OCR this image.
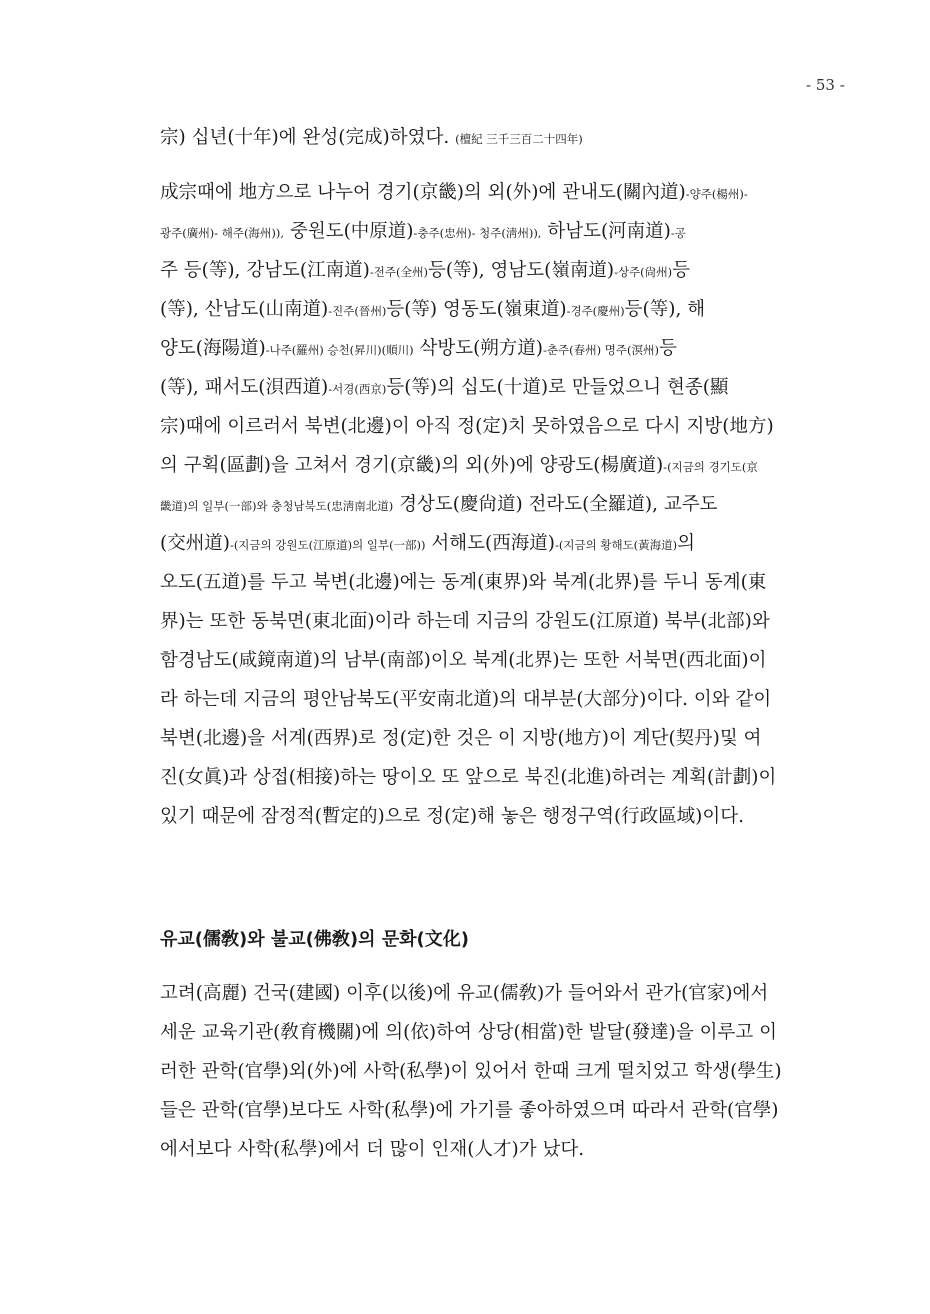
- 53 -
宗) 십년(十年)에 완성(完成)하였다. (檀紀 三千三百二十四年)
成宗때에 地方으로 나누어 경기(京畿)의 외(外)에 관내도(關內道)-양주(楊州)-
광주(廣州)- 해주(海州)), 중원도(中原道)-충주(忠州)- 청주(淸州)), 하남도(河南道)-공
주 등(等), 강남도(江南道)-전주(全州)등(等), 영남도(嶺南道)-상주(尙州)등
(等), 산남도(山南道)-진주(晉州)등(等) 영동도(嶺東道)-경주(慶州)등(等), 해
양도(海陽道)-나주(羅州) 승천(昇川)(順川) 삭방도(朔方道)-춘주(春州) 명주(溟州)등
(等), 패서도(浿西道)-서경(西京)등(等)의 십도(十道)로 만들었으니 현종(顯
宗)때에 이르러서 북변(北邊)이 아직 정(定)치 못하였음으로 다시 지방(地方)
의 구획(區劃)을 고쳐서 경기(京畿)의 외(外)에 양광도(楊廣道)-(지금의 경기도(京
畿道)의 일부(一部)와 충청남북도(忠淸南北道) 경상도(慶尙道) 전라도(全羅道), 교주도
(交州道)-(지금의 강원도(江原道)의 일부(一部)) 서해도(西海道)-(지금의 황해도(黃海道)의
오도(五道)를 두고 북변(北邊)에는 동계(東界)와 북계(北界)를 두니 동계(東
界)는 또한 동북면(東北面)이라 하는데 지금의 강원도(江原道) 북부(北部)와
함경남도(咸鏡南道)의 남부(南部)이오 북계(北界)는 또한 서북면(西北面)이
라 하는데 지금의 평안남북도(平安南北道)의 대부분(大部分)이다. 이와 같이
북변(北邊)을 서계(西界)로 정(定)한 것은 이 지방(地方)이 계단(契丹)및 여
진(女眞)과 상접(相接)하는 땅이오 또 앞으로 북진(北進)하려는 계획(計劃)이
있기 때문에 잠정적(暫定的)으로 정(定)해 놓은 행정구역(行政區域)이다.
유교(儒敎)와 불교(佛敎)의 문화(文化)
고려(高麗) 건국(建國) 이후(以後)에 유교(儒敎)가 들어와서 관가(官家)에서
세운 교육기관(敎育機關)에 의(依)하여 상당(相當)한 발달(發達)을 이루고 이
러한 관학(官學)외(外)에 사학(私學)이 있어서 한때 크게 떨치었고 학생(學生)
들은 관학(官學)보다도 사학(私學)에 가기를 좋아하였으며 따라서 관학(官學)
에서보다 사학(私學)에서 더 많이 인재(人才)가 났다.
